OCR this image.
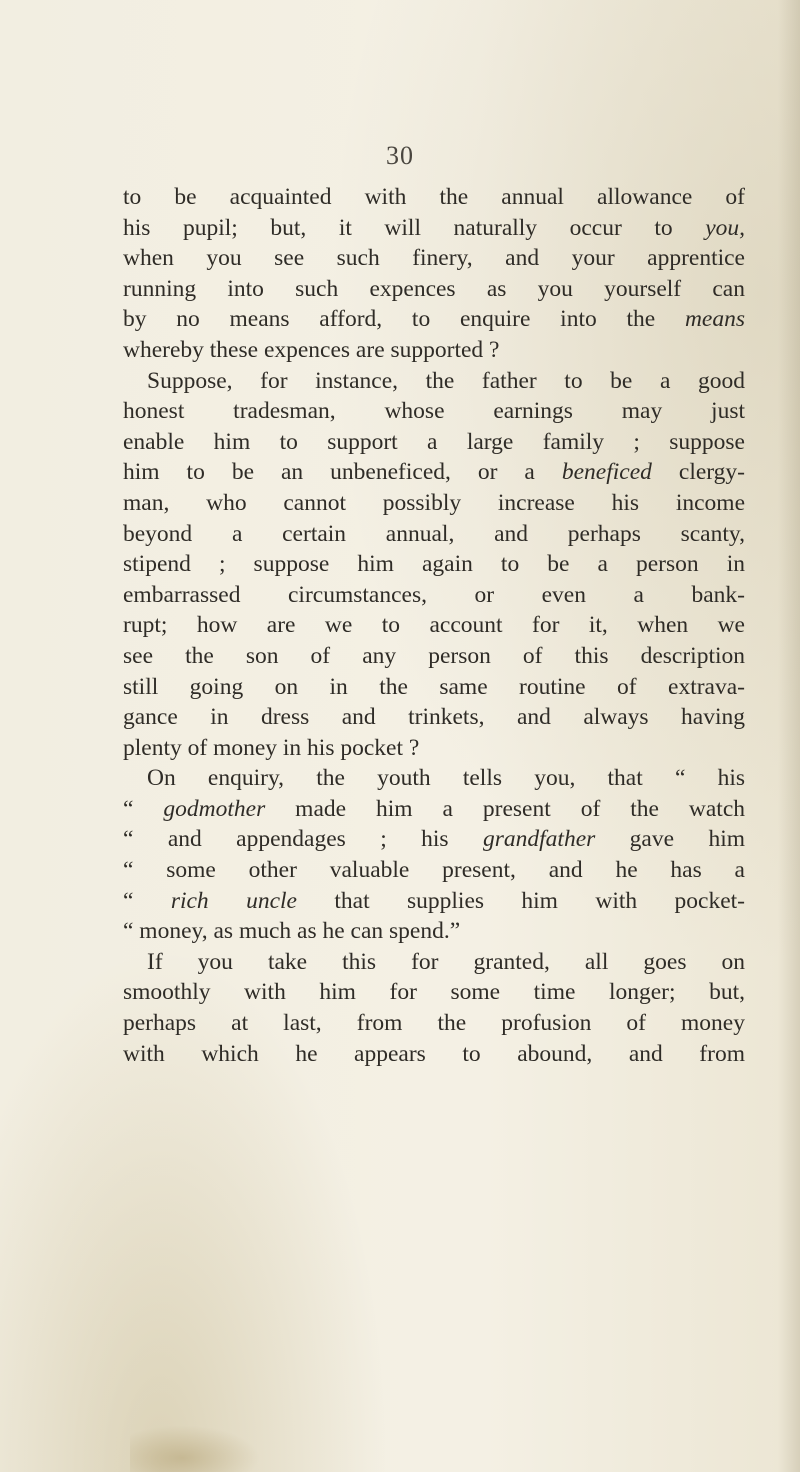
30
to be acquainted with the annual allowance of
his pupil; but, it will naturally occur to you,
when you see such finery, and your apprentice
running into such expences as you yourself can
by no means afford, to enquire into the means
whereby these expences are supported ?
Suppose, for instance, the father to be a good
honest tradesman, whose earnings may just
enable him to support a large family ; suppose
him to be an unbeneficed, or a beneficed clergy-
man, who cannot possibly increase his income
beyond a certain annual, and perhaps scanty,
stipend ; suppose him again to be a person in
embarrassed circumstances, or even a bank-
rupt; how are we to account for it, when we
see the son of any person of this description
still going on in the same routine of extrava-
gance in dress and trinkets, and always having
plenty of money in his pocket ?
On enquiry, the youth tells you, that “ his
“ godmother made him a present of the watch
“ and appendages ; his grandfather gave him
“ some other valuable present, and he has a
“ rich uncle that supplies him with pocket-
“ money, as much as he can spend.”
If you take this for granted, all goes on
smoothly with him for some time longer; but,
perhaps at last, from the profusion of money
with which he appears to abound, and from
